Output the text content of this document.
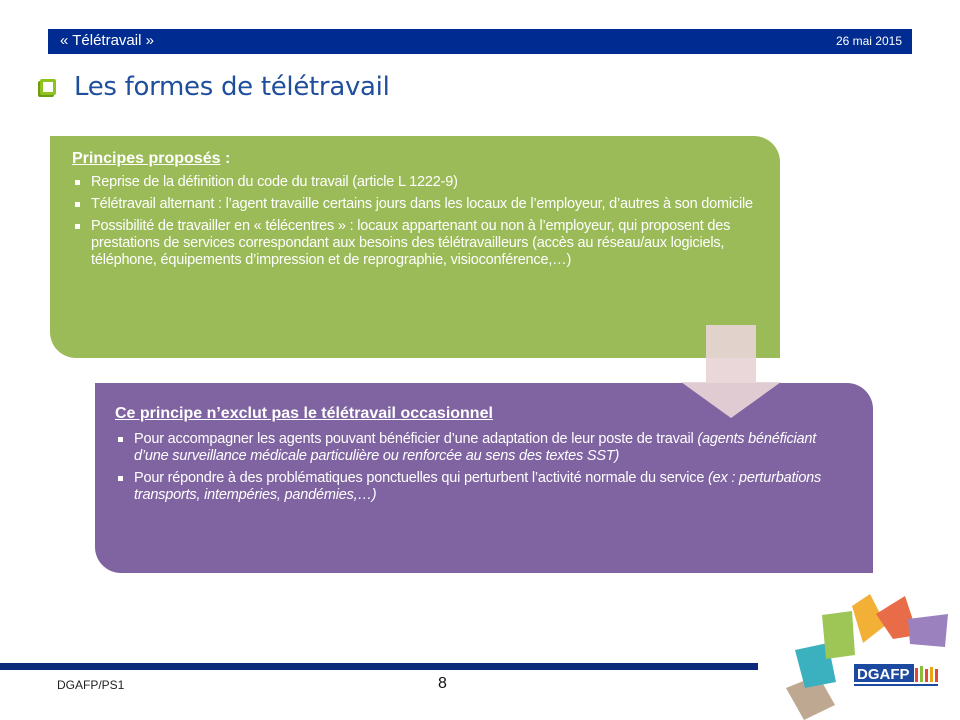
« Télétravail »	26 mai 2015
Les formes de télétravail

Principes proposés :

Reprise de la définition du code du travail (article L 1222-9)
Télétravail alternant : l’agent travaille certains jours dans les locaux de l’employeur, d’autres à son domicile
Possibilité de travailler en « télécentres » : locaux appartenant ou non à l’employeur, qui proposent des prestations de services correspondant aux besoins des télétravailleurs (accès au réseau/aux logiciels, téléphone, équipements d’impression et de reprographie, visioconférence,…)

Ce principe n’exclut pas le télétravail occasionnel

Pour accompagner les agents pouvant bénéficier d’une adaptation de leur poste de travail (agents bénéficiant d’une surveillance médicale particulière ou renforcée au sens des textes SST)
Pour répondre à des problématiques ponctuelles qui perturbent l’activité normale du service (ex : perturbations transports, intempéries, pandémies,…)
DGAFP/PS1	8
DGAFP
